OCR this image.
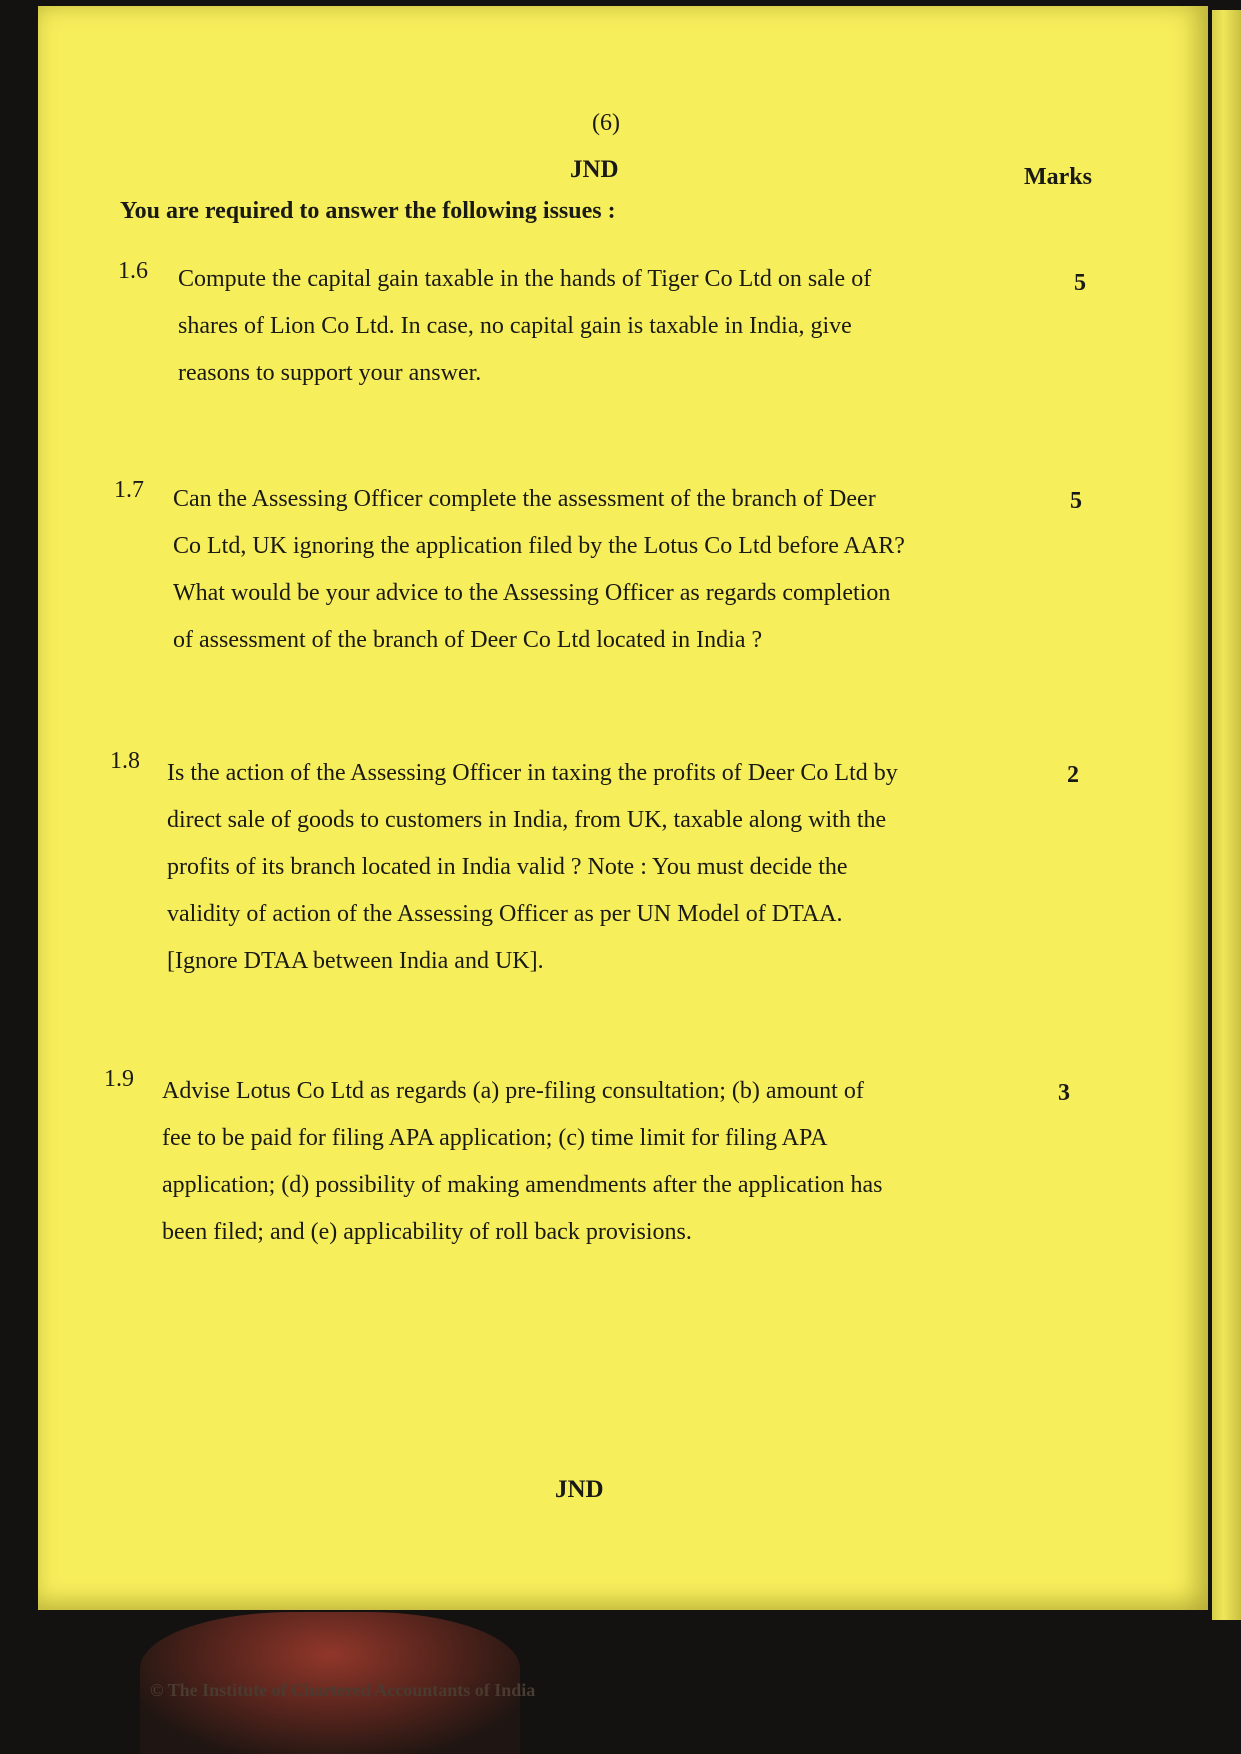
(6)
JND	Marks
You are required to answer the following issues :
1.6 Compute the capital gain taxable in the hands of Tiger Co Ltd on sale of
shares of Lion Co Ltd. In case, no capital gain is taxable in India, give
reasons to support your answer.
5
1.7 Can the Assessing Officer complete the assessment of the branch of Deer
Co Ltd, UK ignoring the application filed by the Lotus Co Ltd before AAR?
What would be your advice to the Assessing Officer as regards completion
of assessment of the branch of Deer Co Ltd located in India ?
5
1.8 Is the action of the Assessing Officer in taxing the profits of Deer Co Ltd by
direct sale of goods to customers in India, from UK, taxable along with the
profits of its branch located in India valid ? Note : You must decide the
validity of action of the Assessing Officer as per UN Model of DTAA.
[Ignore DTAA between India and UK].
2
1.9 Advise Lotus Co Ltd as regards (a) pre-filing consultation; (b) amount of
fee to be paid for filing APA application; (c) time limit for filing APA
application; (d) possibility of making amendments after the application has
been filed; and (e) applicability of roll back provisions.
3
JND
© The Institute of Chartered Accountants of India
